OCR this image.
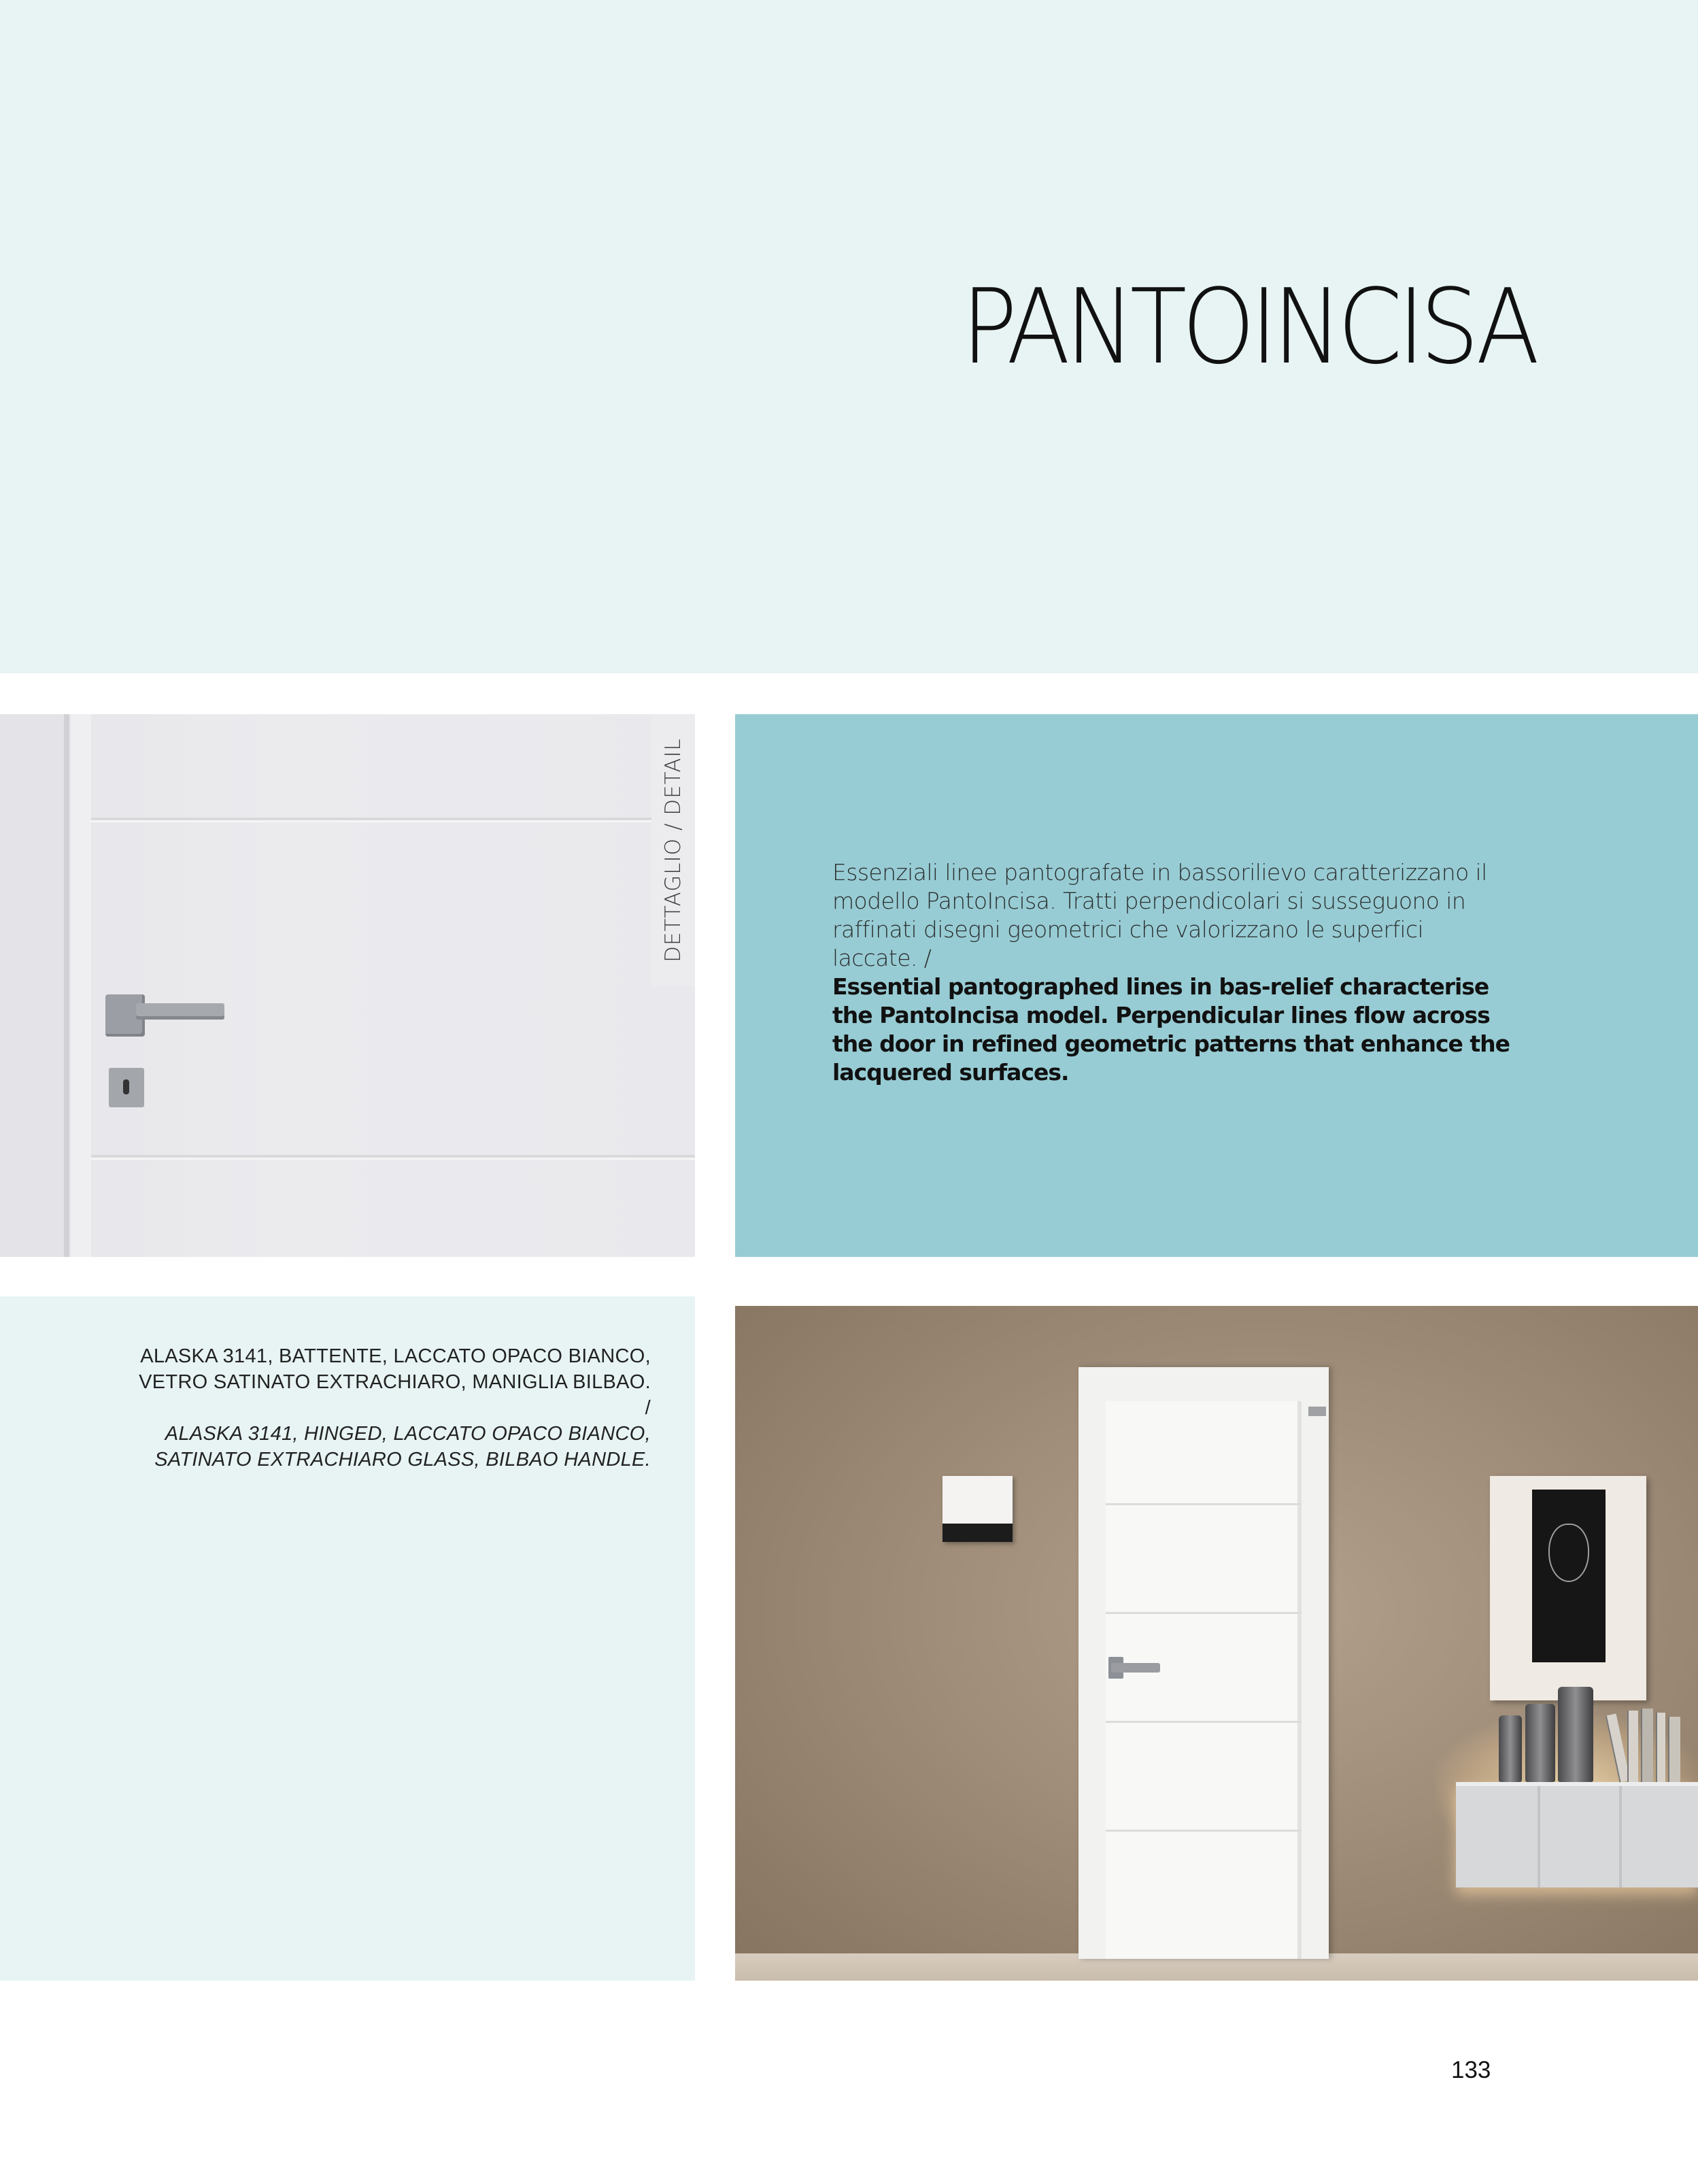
PANTOINCISA
DETTAGLIO / DETAIL	Essenziali linee pantografate in bassorilievo caratterizzano il modello PantoIncisa. Tratti perpendicolari si susseguono in raffinati disegni geometrici che valorizzano le superfici laccate. /
Essential pantographed lines in bas-relief characterise the PantoIncisa model. Perpendicular lines flow across the door in refined geometric patterns that enhance the lacquered surfaces.
ALASKA 3141, BATTENTE, LACCATO OPACO BIANCO, VETRO SATINATO EXTRACHIARO, MANIGLIA BILBAO. /
ALASKA 3141, HINGED, LACCATO OPACO BIANCO, SATINATO EXTRACHIARO GLASS, BILBAO HANDLE.
133
